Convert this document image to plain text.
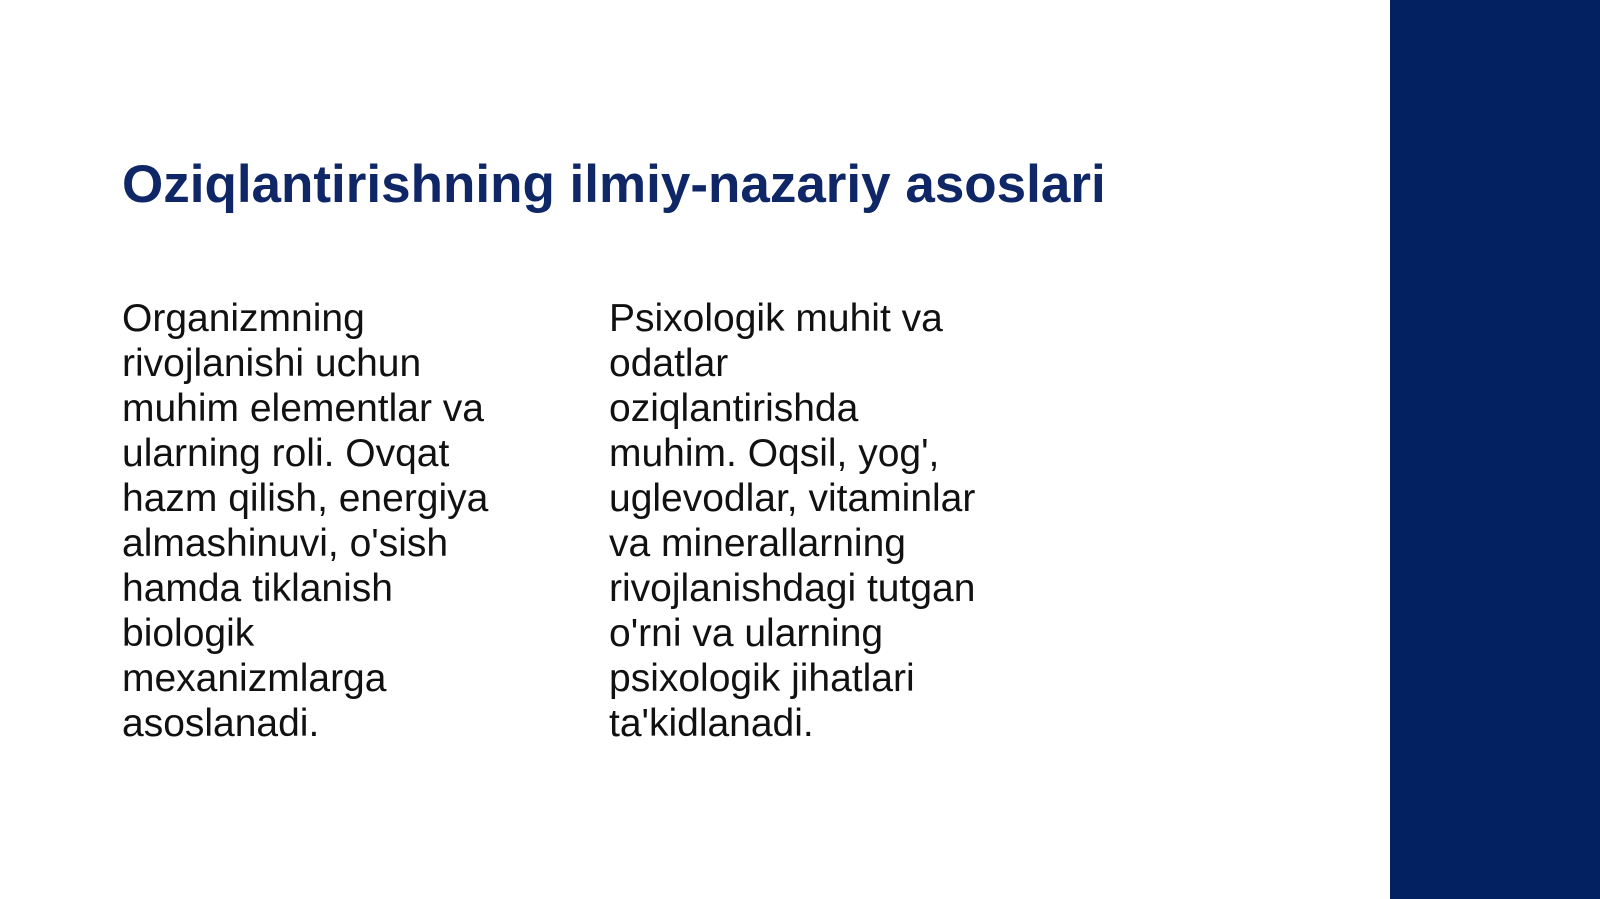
Oziqlantirishning ilmiy-nazariy asoslari

Organizmning
rivojlanishi uchun
muhim elementlar va
ularning roli. Ovqat
hazm qilish, energiya
almashinuvi, o'sish
hamda tiklanish
biologik
mexanizmlarga
asoslanadi.

Psixologik muhit va
odatlar
oziqlantirishda
muhim. Oqsil, yog',
uglevodlar, vitaminlar
va minerallarning
rivojlanishdagi tutgan
o'rni va ularning
psixologik jihatlari
ta'kidlanadi.
